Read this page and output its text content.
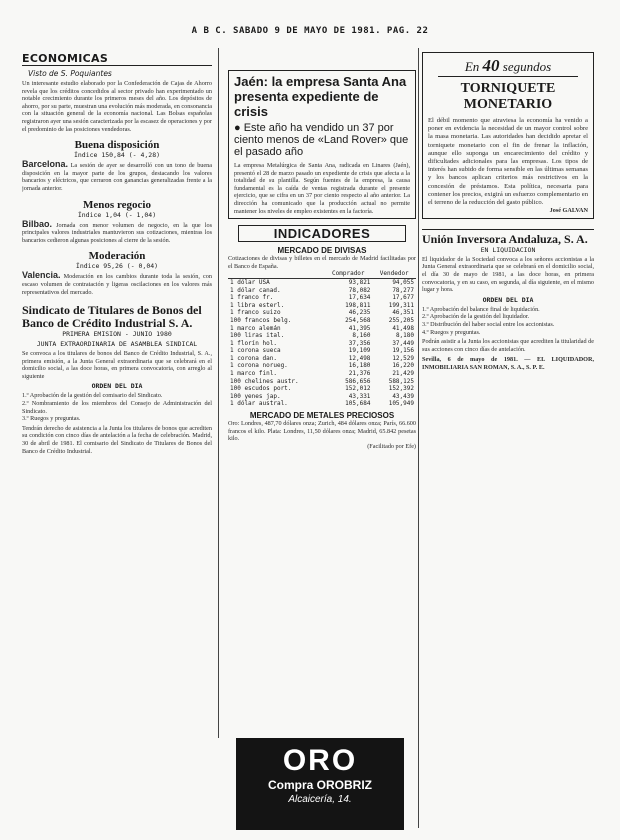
A B C. SABADO 9 DE MAYO DE 1981. PAG. 22
ECONOMICAS
Visto de S. Poquiantes

Un interesante estudio elaborado por la Confederación de Cajas de Ahorro revela que los créditos concedidos al sector privado han experimentado un notable crecimiento durante los primeros meses del año. Los depósitos de ahorro, por su parte, muestran una evolución más moderada, en consonancia con la situación general de la economía nacional. Las Bolsas españolas registraron ayer una sesión caracterizada por la escasez de operaciones y por el predominio de las posiciones vendedoras.

Buena disposición
Índice 150,84 (- 4,28)

Barcelona. La sesión de ayer se desarrolló con un tono de buena disposición en la mayor parte de los grupos, destacando los valores bancarios y eléctricos, que cerraron con ganancias generalizadas frente a la jornada anterior.

Menos regocio
Índice 1,04 (- 1,04)

Bilbao. Jornada con menor volumen de negocio, en la que los principales valores industriales mantuvieron sus cotizaciones, mientras los bancarios cedieron algunas posiciones al cierre de la sesión.

Moderación
Índice 95,26 (- 0,04)

Valencia. Moderación en los cambios durante toda la sesión, con escaso volumen de contratación y ligeras oscilaciones en los valores más representativos del mercado.

Sindicato de Titulares de Bonos del Banco de Crédito Industrial S. A.
PRIMERA EMISION - JUNIO 1980
JUNTA EXTRAORDINARIA DE ASAMBLEA SINDICAL

Se convoca a los titulares de bonos del Banco de Crédito Industrial, S. A., primera emisión, a la Junta General extraordinaria que se celebrará en el domicilio social, a las doce horas, en primera convocatoria, con arreglo al siguiente

ORDEN DEL DIA

1.º Aprobación de la gestión del comisario del Sindicato.

2.º Nombramiento de los miembros del Consejo de Administración del Sindicato.

3.º Ruegos y preguntas.

Tendrán derecho de asistencia a la Junta los titulares de bonos que acrediten su condición con cinco días de antelación a la fecha de celebración. Madrid, 30 de abril de 1981. El comisario del Sindicato de Titulares de Bonos del Banco de Crédito Industrial.

Jaén: la empresa Santa Ana presenta expediente de crisis
● Este año ha vendido un 37 por ciento menos de «Land Rover» que el pasado año

La empresa Metalúrgica de Santa Ana, radicada en Linares (Jaén), presentó el 28 de marzo pasado un expediente de crisis que afecta a la totalidad de su plantilla. Según fuentes de la empresa, la causa fundamental es la caída de ventas registrada durante el presente ejercicio, que se cifra en un 37 por ciento respecto al año anterior. La dirección ha comunicado que la producción actual no permite mantener los niveles de empleo existentes en la factoría.

INDICADORES
MERCADO DE DIVISAS

Cotizaciones de divisas y billetes en el mercado de Madrid facilitadas por el Banco de España.

	Comprador	Vendedor
1 dólar USA	93,821	94,055
1 dólar canad.	78,082	78,277
1 franco fr.	17,634	17,677
1 libra esterl.	198,811	199,311
1 franco suizo	46,235	46,351
100 francos belg.	254,568	255,205
1 marco alemán	41,395	41,498
100 liras ital.	8,160	8,180
1 florín hol.	37,356	37,449
1 corona sueca	19,109	19,156
1 corona dan.	12,498	12,529
1 corona norueg.	16,180	16,220
1 marco finl.	21,376	21,429
100 chelines austr.	586,656	588,125
100 escudos port.	152,012	152,392
100 yenes jap.	43,331	43,439
1 dólar austral.	105,684	105,949
MERCADO DE METALES PRECIOSOS

Oro: Londres, 487,70 dólares onza; Zurich, 484 dólares onza; París, 66.600 francos el kilo. Plata: Londres, 11,50 dólares onza; Madrid, 65.842 pesetas kilo.

(Facilitado por Efe)

ORO
Compra OROBRIZ
Alcaicería, 14.
En 40 segundos
TORNIQUETE MONETARIO

El débil momento que atraviesa la economía ha venido a poner en evidencia la necesidad de un mayor control sobre la masa monetaria. Las autoridades han decidido apretar el torniquete monetario con el fin de frenar la inflación, aunque ello suponga un encarecimiento del crédito y dificultades adicionales para las empresas. Los tipos de interés han subido de forma sensible en las últimas semanas y los bancos aplican criterios más restrictivos en la concesión de préstamos. Esta política, necesaria para contener los precios, exigirá un esfuerzo complementario en el terreno de la reducción del gasto público.

José GALVAN

Unión Inversora Andaluza, S. A.
EN LIQUIDACION

El liquidador de la Sociedad convoca a los señores accionistas a la Junta General extraordinaria que se celebrará en el domicilio social, el día 30 de mayo de 1981, a las doce horas, en primera convocatoria, y en su caso, en segunda, al día siguiente, en el mismo lugar y hora.

ORDEN DEL DIA

1.º Aprobación del balance final de liquidación.

2.º Aprobación de la gestión del liquidador.

3.º Distribución del haber social entre los accionistas.

4.º Ruegos y preguntas.

Podrán asistir a la Junta los accionistas que acrediten la titularidad de sus acciones con cinco días de antelación.

Sevilla, 6 de mayo de 1981. — EL LIQUIDADOR, INMOBILIARIA SAN ROMAN, S. A., S. P. E.
